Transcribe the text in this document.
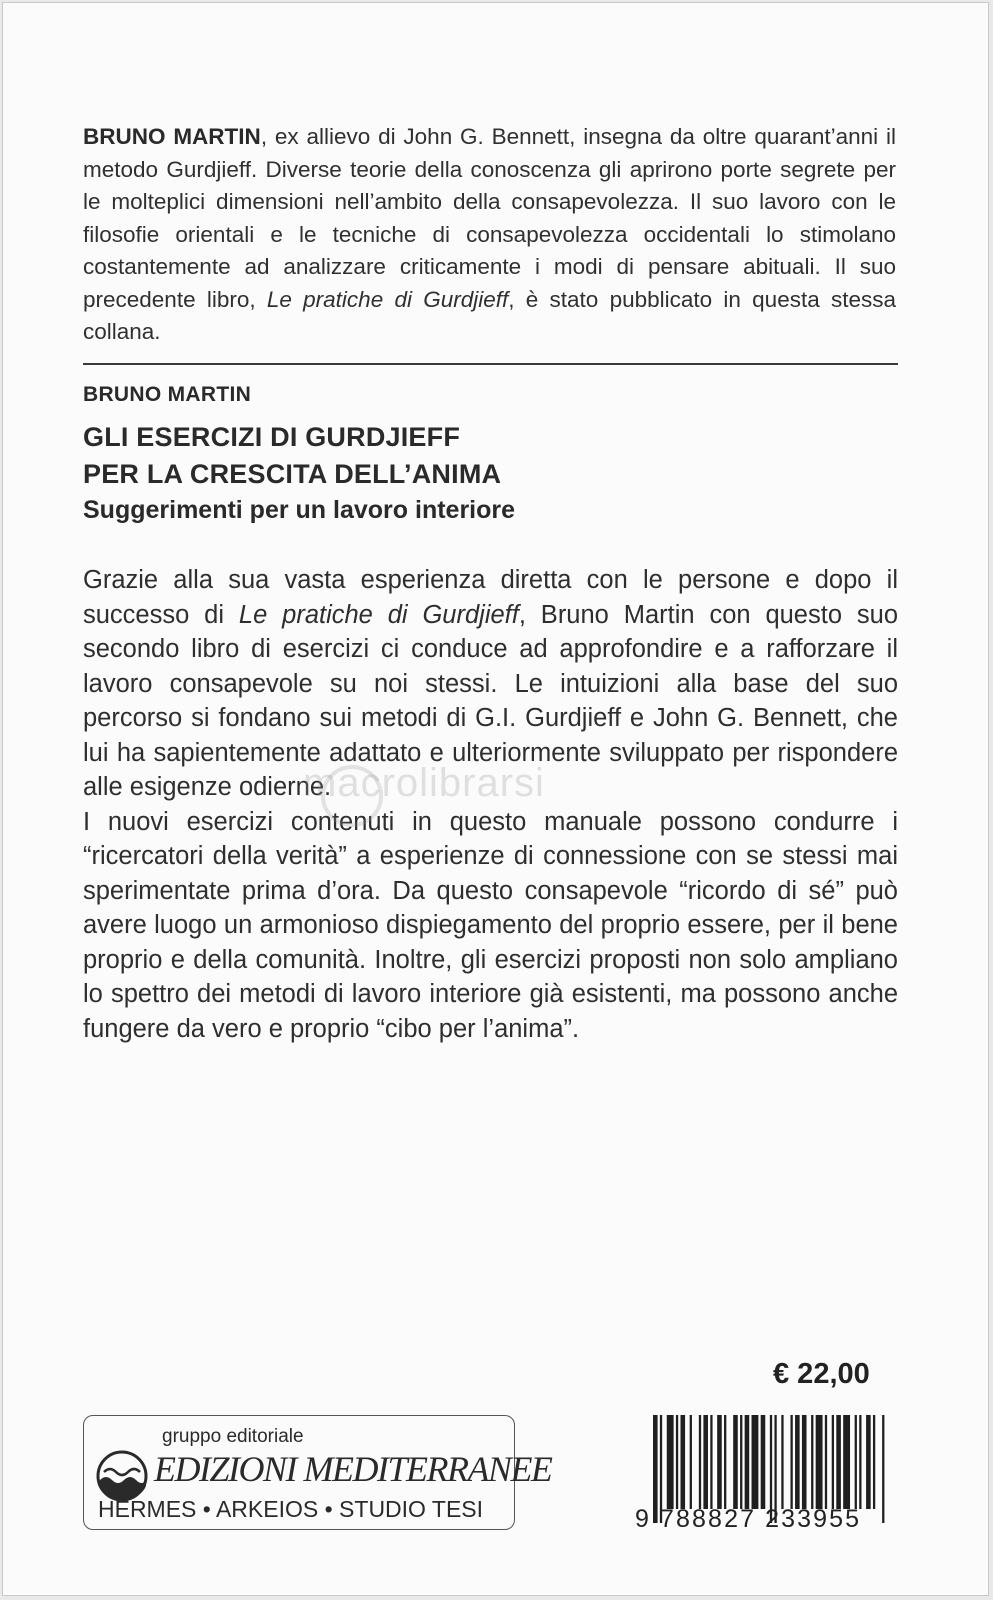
BRUNO MARTIN, ex allievo di John G. Bennett, insegna da oltre quarant’anni il metodo Gurdjieff. Diverse teorie della conoscenza gli aprirono porte segrete per le molteplici dimensioni nell’ambito della consapevolezza. Il suo lavoro con le filosofie orientali e le tecniche di consapevolezza occidentali lo stimolano costantemente ad analizzare criticamente i modi di pensare abituali. Il suo precedente libro, Le pratiche di Gurdjieff, è stato pubblicato in questa stessa collana.
BRUNO MARTIN
GLI ESERCIZI DI GURDJIEFF
PER LA CRESCITA DELL’ANIMA
Suggerimenti per un lavoro interiore

Grazie alla sua vasta esperienza diretta con le persone e dopo il successo di Le pratiche di Gurdjieff, Bruno Martin con questo suo secondo libro di esercizi ci conduce ad approfondire e a rafforzare il lavoro consapevole su noi stessi. Le intuizioni alla base del suo percorso si fondano sui metodi di G.I. Gurdjieff e John G. Bennett, che lui ha sapientemente adattato e ulteriormente sviluppato per rispondere alle esigenze odierne.

I nuovi esercizi contenuti in questo manuale possono condurre i “ricercatori della verità” a esperienze di connessione con se stessi mai sperimentate prima d’ora. Da questo consapevole “ricordo di sé” può avere luogo un armonioso dispiegamento del proprio essere, per il bene proprio e della comunità. Inoltre, gli esercizi proposti non solo ampliano lo spettro dei metodi di lavoro interiore già esistenti, ma possono anche fungere da vero e proprio “cibo per l’anima”.

macrolibrarsi
€ 22,00
gruppo editoriale
EDIZIONI MEDITERRANEE
HERMES • ARKEIOS • STUDIO TESI	9 788827 233955
